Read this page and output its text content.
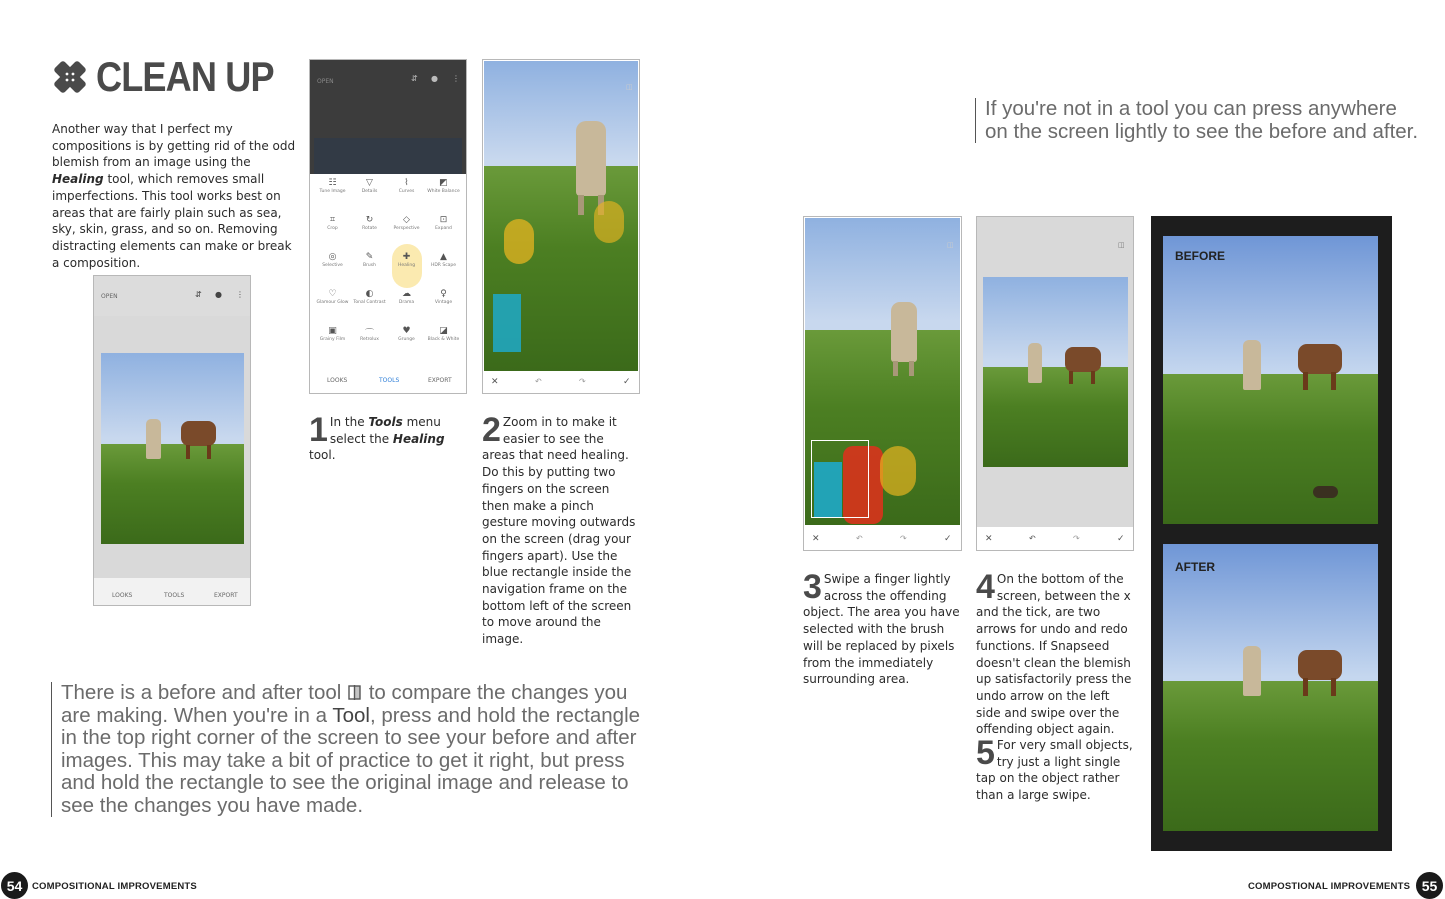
CLEAN UP
Another way that I perfect my compositions is by getting rid of the odd blemish from an image using the Healing tool, which removes small imperfections. This tool works best on areas that are fairly plain such as sea, sky, skin, grass, and so on. Removing distracting elements can make or break a composition.
OPEN	⇵ ● ⋮
LOOKS	TOOLS	EXPORT
OPEN	⇵ ● ⋮
☷
Tune Image
▽
Details
⌇
Curves
◩
White Balance
⌗
Crop
↻
Rotate
◇
Perspective
⊡
Expand
◎
Selective
✎
Brush
✚
Healing
▲
HDR Scape
♡
Glamour Glow
◐
Tonal Contrast
☁
Drama
♀
Vintage
▣
Grainy Film
⌒
Retrolux
♥
Grunge
◪
Black & White
LOOKS	TOOLS	EXPORT
◫
✕	↶	↷	✓
1 In the Tools menu select the Healing tool.
2 Zoom in to make it easier to see the areas that need healing. Do this by putting two fingers on the screen then make a pinch gesture moving outwards on the screen (drag your fingers apart). Use the blue rectangle inside the navigation frame on the bottom left of the screen to move around the image.
There is a before and after tool  to compare the changes you are making. When you're in a Tool, press and hold the rectangle in the top right corner of the screen to see your before and after images. This may take a bit of practice to get it right, but press and hold the rectangle to see the original image and release to see the changes you have made.
If you're not in a tool you can press anywhere on the screen lightly to see the before and after.
◫
✕	↶	↷	✓
◫
✕	↶	↷	✓
3 Swipe a finger lightly across the offending object. The area you have selected with the brush will be replaced by pixels from the immediately surrounding area.
4 On the bottom of the screen, between the x and the tick, are two arrows for undo and redo functions. If Snapseed doesn't clean the blemish up satisfactorily press the undo arrow on the left side and swipe over the offending object again.
5 For very small objects, try just a light single tap on the object rather than a large swipe.
BEFORE
AFTER
54	COMPOSITIONAL IMPROVEMENTS	COMPOSTIONAL IMPROVEMENTS 55
